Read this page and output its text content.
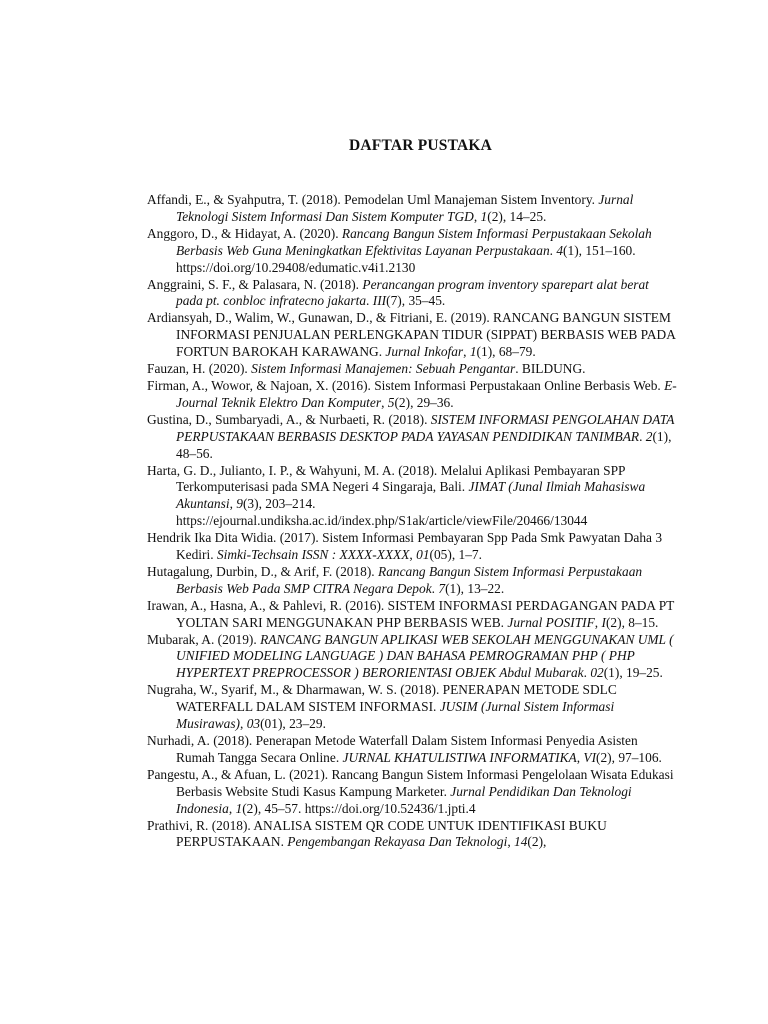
DAFTAR PUSTAKA

Affandi, E., & Syahputra, T. (2018). Pemodelan Uml Manajeman Sistem Inventory. Jurnal Teknologi Sistem Informasi Dan Sistem Komputer TGD, 1(2), 14–25.

Anggoro, D., & Hidayat, A. (2020). Rancang Bangun Sistem Informasi Perpustakaan Sekolah Berbasis Web Guna Meningkatkan Efektivitas Layanan Perpustakaan. 4(1), 151–160. https://doi.org/10.29408/edumatic.v4i1.2130

Anggraini, S. F., & Palasara, N. (2018). Perancangan program inventory sparepart alat berat pada pt. conbloc infratecno jakarta. III(7), 35–45.

Ardiansyah, D., Walim, W., Gunawan, D., & Fitriani, E. (2019). RANCANG BANGUN SISTEM INFORMASI PENJUALAN PERLENGKAPAN TIDUR (SIPPAT) BERBASIS WEB PADA FORTUN BAROKAH KARAWANG. Jurnal Inkofar, 1(1), 68–79.

Fauzan, H. (2020). Sistem Informasi Manajemen: Sebuah Pengantar. BILDUNG.

Firman, A., Wowor, & Najoan, X. (2016). Sistem Informasi Perpustakaan Online Berbasis Web. E-Journal Teknik Elektro Dan Komputer, 5(2), 29–36.

Gustina, D., Sumbaryadi, A., & Nurbaeti, R. (2018). SISTEM INFORMASI PENGOLAHAN DATA PERPUSTAKAAN BERBASIS DESKTOP PADA YAYASAN PENDIDIKAN TANIMBAR. 2(1), 48–56.

Harta, G. D., Julianto, I. P., & Wahyuni, M. A. (2018). Melalui Aplikasi Pembayaran SPP Terkomputerisasi pada SMA Negeri 4 Singaraja, Bali. JIMAT (Junal Ilmiah Mahasiswa Akuntansi, 9(3), 203–214. https://ejournal.undiksha.ac.id/index.php/S1ak/article/viewFile/20466/13044

Hendrik Ika Dita Widia. (2017). Sistem Informasi Pembayaran Spp Pada Smk Pawyatan Daha 3 Kediri. Simki-Techsain ISSN : XXXX-XXXX, 01(05), 1–7.

Hutagalung, Durbin, D., & Arif, F. (2018). Rancang Bangun Sistem Informasi Perpustakaan Berbasis Web Pada SMP CITRA Negara Depok. 7(1), 13–22.

Irawan, A., Hasna, A., & Pahlevi, R. (2016). SISTEM INFORMASI PERDAGANGAN PADA PT YOLTAN SARI MENGGUNAKAN PHP BERBASIS WEB. Jurnal POSITIF, I(2), 8–15.

Mubarak, A. (2019). RANCANG BANGUN APLIKASI WEB SEKOLAH MENGGUNAKAN UML ( UNIFIED MODELING LANGUAGE ) DAN BAHASA PEMROGRAMAN PHP ( PHP HYPERTEXT PREPROCESSOR ) BERORIENTASI OBJEK Abdul Mubarak. 02(1), 19–25.

Nugraha, W., Syarif, M., & Dharmawan, W. S. (2018). PENERAPAN METODE SDLC WATERFALL DALAM SISTEM INFORMASI. JUSIM (Jurnal Sistem Informasi Musirawas), 03(01), 23–29.

Nurhadi, A. (2018). Penerapan Metode Waterfall Dalam Sistem Informasi Penyedia Asisten Rumah Tangga Secara Online. JURNAL KHATULISTIWA INFORMATIKA, VI(2), 97–106.

Pangestu, A., & Afuan, L. (2021). Rancang Bangun Sistem Informasi Pengelolaan Wisata Edukasi Berbasis Website Studi Kasus Kampung Marketer. Jurnal Pendidikan Dan Teknologi Indonesia, 1(2), 45–57. https://doi.org/10.52436/1.jpti.4

Prathivi, R. (2018). ANALISA SISTEM QR CODE UNTUK IDENTIFIKASI BUKU PERPUSTAKAAN. Pengembangan Rekayasa Dan Teknologi, 14(2),
